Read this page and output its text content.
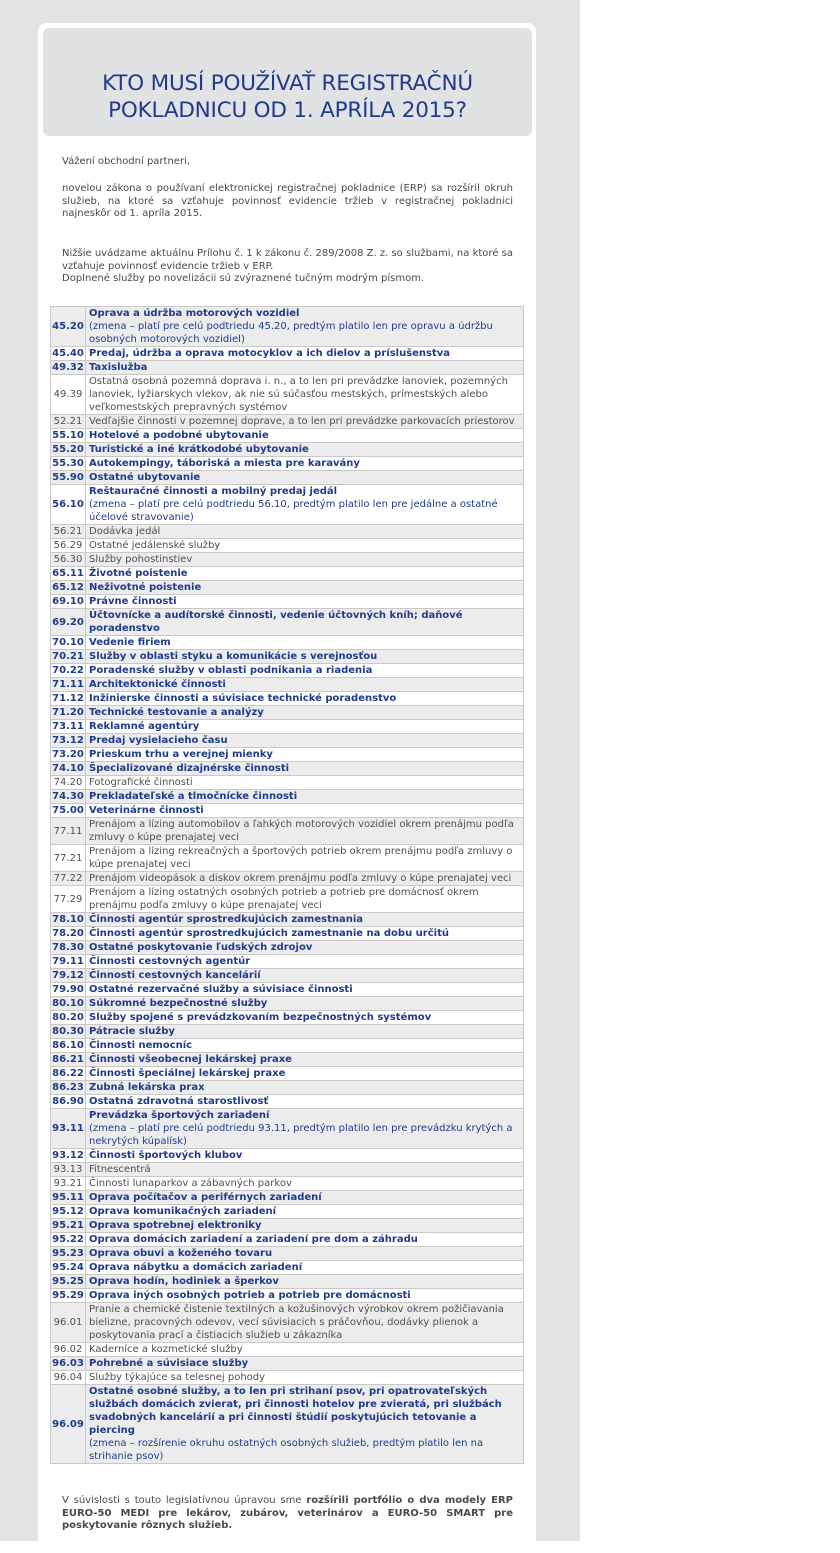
KTO MUSÍ POUŽÍVAŤ REGISTRAČNÚ POKLADNICU OD 1. APRÍLA 2015?

Vážení obchodní partneri,

novelou zákona o používaní elektronickej registračnej pokladnice (ERP) sa rozšíril okruh služieb, na ktoré sa vzťahuje povinnosť evidencie tržieb v registračnej pokladnici najneskôr od 1. apríla 2015.

Nižšie uvádzame aktuálnu Prílohu č. 1 k zákonu č. 289/2008 Z. z. so službami, na ktoré sa vzťahuje povinnosť evidencie tržieb v ERP.

Doplnené služby po novelizácii sú zvýraznené tučným modrým písmom.

45.20	Oprava a údržba motorových vozidiel
(zmena – platí pre celú podtriedu 45.20, predtým platilo len pre opravu a údržbu osobných motorových vozidiel)

45.40	Predaj, údržba a oprava motocyklov a ich dielov a príslušenstva
49.32	Taxislužba
49.39	Ostatná osobná pozemná doprava i. n., a to len pri prevádzke lanoviek, pozemných lanoviek, lyžiarskych vlekov, ak nie sú súčasťou mestských, prímestských alebo veľkomestských prepravných systémov
52.21	Vedľajšie činnosti v pozemnej doprave, a to len pri prevádzke parkovacích priestorov
55.10	Hotelové a podobné ubytovanie
55.20	Turistické a iné krátkodobé ubytovanie
55.30	Autokempingy, táboriská a miesta pre karavány
55.90	Ostatné ubytovanie
56.10	Reštauračné činnosti a mobilný predaj jedál
(zmena – platí pre celú podtriedu 56.10, predtým platilo len pre jedálne a ostatné účelové stravovanie)

56.21	Dodávka jedál
56.29	Ostatné jedálenské služby
56.30	Služby pohostinstiev
65.11	Životné poistenie
65.12	Neživotné poistenie
69.10	Právne činnosti
69.20	Účtovnícke a audítorské činnosti, vedenie účtovných kníh; daňové poradenstvo
70.10	Vedenie firiem
70.21	Služby v oblasti styku a komunikácie s verejnosťou
70.22	Poradenské služby v oblasti podnikania a riadenia
71.11	Architektonické činnosti
71.12	Inžinierske činnosti a súvisiace technické poradenstvo
71.20	Technické testovanie a analýzy
73.11	Reklamné agentúry
73.12	Predaj vysielacieho času
73.20	Prieskum trhu a verejnej mienky
74.10	Špecializované dizajnérske činnosti
74.20	Fotografické činnosti
74.30	Prekladateľské a tlmočnícke činnosti
75.00	Veterinárne činnosti
77.11	Prenájom a lízing automobilov a ľahkých motorových vozidiel okrem prenájmu podľa zmluvy o kúpe prenajatej veci
77.21	Prenájom a lízing rekreačných a športových potrieb okrem prenájmu podľa zmluvy o kúpe prenajatej veci
77.22	Prenájom videopások a diskov okrem prenájmu podľa zmluvy o kúpe prenajatej veci
77.29	Prenájom a lízing ostatných osobných potrieb a potrieb pre domácnosť okrem prenájmu podľa zmluvy o kúpe prenajatej veci
78.10	Činnosti agentúr sprostredkujúcich zamestnania
78.20	Činnosti agentúr sprostredkujúcich zamestnanie na dobu určitú
78.30	Ostatné poskytovanie ľudských zdrojov
79.11	Činnosti cestovných agentúr
79.12	Činnosti cestovných kancelárií
79.90	Ostatné rezervačné služby a súvisiace činnosti
80.10	Súkromné bezpečnostné služby
80.20	Služby spojené s prevádzkovaním bezpečnostných systémov
80.30	Pátracie služby
86.10	Činnosti nemocníc
86.21	Činnosti všeobecnej lekárskej praxe
86.22	Činnosti špeciálnej lekárskej praxe
86.23	Zubná lekárska prax
86.90	Ostatná zdravotná starostlivosť
93.11	Prevádzka športových zariadení
(zmena – platí pre celú podtriedu 93.11, predtým platilo len pre prevádzku krytých a nekrytých kúpalísk)

93.12	Činnosti športových klubov
93.13	Fitnescentrá
93.21	Činnosti lunaparkov a zábavných parkov
95.11	Oprava počítačov a periférnych zariadení
95.12	Oprava komunikačných zariadení
95.21	Oprava spotrebnej elektroniky
95.22	Oprava domácich zariadení a zariadení pre dom a záhradu
95.23	Oprava obuvi a koženého tovaru
95.24	Oprava nábytku a domácich zariadení
95.25	Oprava hodín, hodiniek a šperkov
95.29	Oprava iných osobných potrieb a potrieb pre domácnosti
96.01	Pranie a chemické čistenie textilných a kožušinových výrobkov okrem požičiavania bielizne, pracovných odevov, vecí súvisiacich s práčovňou, dodávky plienok a poskytovania prací a čistiacich služieb u zákazníka
96.02	Kaderníce a kozmetické služby
96.03	Pohrebné a súvisiace služby
96.04	Služby týkajúce sa telesnej pohody
96.09	Ostatné osobné služby, a to len pri strihaní psov, pri opatrovateľských službách domácich zvierat, pri činnosti hotelov pre zvieratá, pri službách svadobných kancelárií a pri činnosti štúdií poskytujúcich tetovanie a piercing
(zmena – rozšírenie okruhu ostatných osobných služieb, predtým platilo len na strihanie psov)

V súvislosti s touto legislatívnou úpravou sme rozšírili portfólio o dva modely ERP EURO-50 MEDI pre lekárov, zubárov, veterinárov a EURO-50 SMART pre poskytovanie rôznych služieb.
